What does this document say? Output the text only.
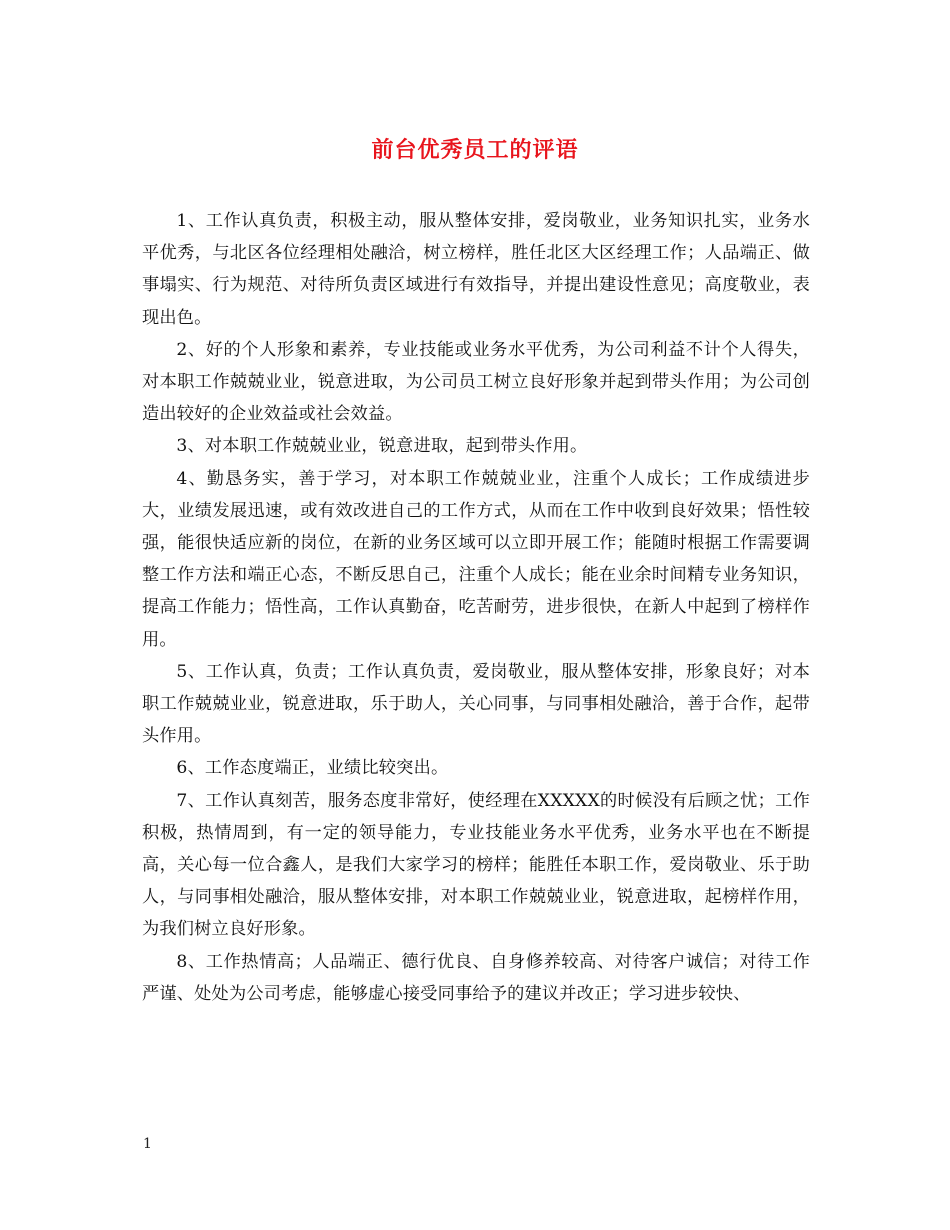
前台优秀员工的评语

1、工作认真负责，积极主动，服从整体安排，爱岗敬业，业务知识扎实，业务水平优秀，与北区各位经理相处融洽，树立榜样，胜任北区大区经理工作；人品端正、做事塌实、行为规范、对待所负责区域进行有效指导，并提出建设性意见；高度敬业，表现出色。

2、好的个人形象和素养，专业技能或业务水平优秀，为公司利益不计个人得失，对本职工作兢兢业业，锐意进取，为公司员工树立良好形象并起到带头作用；为公司创造出较好的企业效益或社会效益。

3、对本职工作兢兢业业，锐意进取，起到带头作用。

4、勤恳务实，善于学习，对本职工作兢兢业业，注重个人成长；工作成绩进步大，业绩发展迅速，或有效改进自己的工作方式，从而在工作中收到良好效果；悟性较强，能很快适应新的岗位，在新的业务区域可以立即开展工作；能随时根据工作需要调整工作方法和端正心态，不断反思自己，注重个人成长；能在业余时间精专业务知识，提高工作能力；悟性高，工作认真勤奋，吃苦耐劳，进步很快，在新人中起到了榜样作用。

5、工作认真，负责；工作认真负责，爱岗敬业，服从整体安排，形象良好；对本职工作兢兢业业，锐意进取，乐于助人，关心同事，与同事相处融洽，善于合作，起带头作用。

6、工作态度端正，业绩比较突出。

7、工作认真刻苦，服务态度非常好，使经理在XXXXX的时候没有后顾之忧；工作积极，热情周到，有一定的领导能力，专业技能业务水平优秀，业务水平也在不断提高，关心每一位合鑫人，是我们大家学习的榜样；能胜任本职工作，爱岗敬业、乐于助人，与同事相处融洽，服从整体安排，对本职工作兢兢业业，锐意进取，起榜样作用，为我们树立良好形象。

8、工作热情高；人品端正、德行优良、自身修养较高、对待客户诚信；对待工作严谨、处处为公司考虑，能够虚心接受同事给予的建议并改正；学习进步较快、

1
